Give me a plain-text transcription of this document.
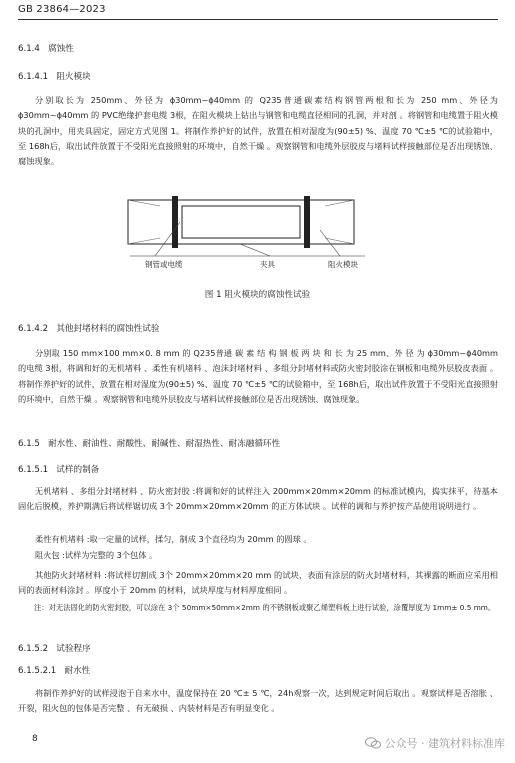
GB 23864—2023
6.1.4 腐蚀性
6.1.4.1 阻火模块
分别取长为 250mm、外径为 ϕ30mm~ϕ40mm 的 Q235普通碳素结构钢管两根和长为 250 mm、外径为 ϕ30mm~ϕ40mm 的 PVC绝缘护套电缆 3根，在阻火模块上钻出与钢管和电缆直径相同的孔洞，并对剖 。将钢管和电缆置于阻火模块的孔洞中，用夹具固定，固定方式见图 1。将制作养护好的试件，放置在相对湿度为(90±5) %、温度 70 ℃±5 ℃的试验箱中，至 168h后，取出试件放置于不受阳光直接照射的环境中，自然干燥 。观察钢管和电缆外层胶皮与堵料试样接触部位是否出现锈蚀、腐蚀现象。
钢管或电缆	夹具	阻火模块
图 1 阻火模块的腐蚀性试验
6.1.4.2 其他封堵材料的腐蚀性试验
分别取 150 mm×100 mm×0. 8 mm 的 Q235普通 碳 素 结 构 钢 板 两 块 和 长 为 25 mm、外 径 为 ϕ30mm~ϕ40mm 的电缆 3根，将调和好的无机堵料 、柔性有机堵料 、泡沫封堵材料 、多组分封堵材料或防火密封胶涂在钢板和电缆外层胶皮表面 。将制作养护好的试件，放置在相对湿度为(90±5) %、温度 70 ℃±5 ℃的试验箱中，至 168h后，取出试件放置于不受阳光直接照射的环境中，自然干燥 。观察钢管和电缆外层胶皮与堵料试样接触部位是否出现锈蚀、腐蚀现象。
6.1.5 耐水性、耐油性、耐酸性、耐碱性、耐湿热性、耐冻融循环性
6.1.5.1 试样的制备
无机堵料 、多组分封堵材料 、防火密封胶 :将调和好的试样注入 200mm×20mm×20mm 的标准试模内，捣实抹平，待基本固化后脱模，养护期满后将试样锯切成 3个 20mm×20mm×20mm 的正方体试块 。试样的调和与养护按产品使用说明进行 。
柔性有机堵料 :取一定量的试样，揉匀，制成 3个直径均为 20mm 的圆球 。
阻火包 :试样为完整的 3个包体 。
其他防火封堵材料 :将试样切割成 3个 20mm×20mm×20 mm 的试块，表面有涂层的防火封堵材料，其裸露的断面应采用相同的表面材料涂封 。厚度小于 20mm 的材料，试块厚度与材料厚度相同 。
注：对无法固化的防火密封胶，可以涂在 3个 50mm×50mm×2mm 的不锈钢板或聚乙烯塑料板上进行试验，涂覆厚度为 1mm± 0.5 mm。
6.1.5.2 试验程序
6.1.5.2.1 耐水性
将制作养护好的试样浸泡于自来水中，温度保持在 20 ℃± 5 ℃，24h观察一次，达到规定时间后取出 。观察试样是否溶胀 、开裂，阻火包的包体是否完整 、有无破损 、内装材料是否有明显变化 。
8	公众号 · 建筑材料标准库
